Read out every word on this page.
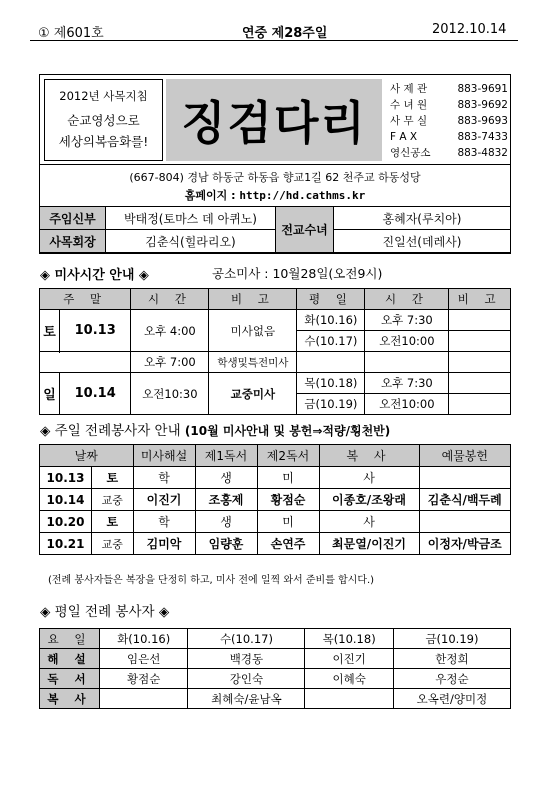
① 제601호	연중 제28주일	2012.10.14
2012년 사목지침
순교영성으로
세상의복음화를! 징검다리
사 제 관	883-9691
수 녀 원	883-9692
사 무 실	883-9693
F A X	883-7433
영신공소	883-4832
(667-804) 경남 하동군 하동읍 향교1길 62 천주교 하동성당
홈페이지 : http://hd.cathms.kr
주임신부	박태정(토마스 데 아퀴노)	전교수녀	홍혜자(루치아)
사목회장	김춘식(힐라리오)		진일선(데레사)
◈ 미사시간 안내 ◈	공소미사 : 10월28일(오전9시)
주 말		시 간	비 고	평 일	시 간	비 고
토	10.13	오후 4:00	미사없음	화(10.16)	오후 7:30	
				수(10.17)	오전10:00	
		오후 7:00	학생및특전미사			

일	10.14	오전10:30	교중미사	목(10.18)	오후 7:30	
				금(10.19)	오전10:00	
◈ 주일 전례봉사자 안내 (10월 미사안내 및 봉헌⇒적량/횡천반)
날짜		미사해설	제1독서	제2독서	복 사	예물봉헌
10.13	토	학	생	미	사	
10.14	교중	이진기	조홍제	황점순	이종호/조왕래	김춘식/백두례
10.20	토	학	생	미	사	
10.21	교중	김미악	임량훈	손연주	최문열/이진기	이정자/박금조
(전례 봉사자들은 복장을 단정히 하고, 미사 전에 일찍 와서 준비를 합시다.)
◈ 평일 전례 봉사자 ◈
요 일	화(10.16)	수(10.17)	목(10.18)	금(10.19)
해 설	임은선	백경동	이진기	한정희
독 서	황점순	강인숙	이혜숙	우정순
복 사		최혜숙/윤남옥		오옥련/양미정
